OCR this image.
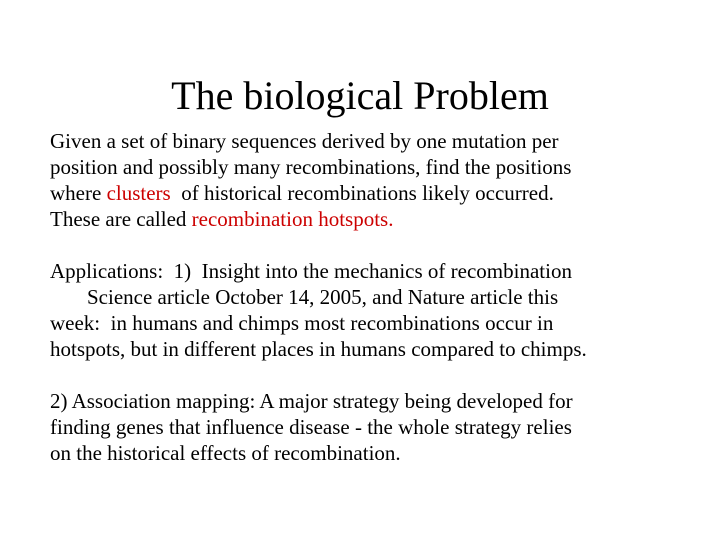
The biological Problem
Given a set of binary sequences derived by one mutation per
position and possibly many recombinations, find the positions
where clusters  of historical recombinations likely occurred.
These are called recombination hotspots.
Applications:  1)  Insight into the mechanics of recombination
Science article October 14, 2005, and Nature article this
week:  in humans and chimps most recombinations occur in
hotspots, but in different places in humans compared to chimps.
2) Association mapping: A major strategy being developed for
finding genes that influence disease - the whole strategy relies
on the historical effects of recombination.
